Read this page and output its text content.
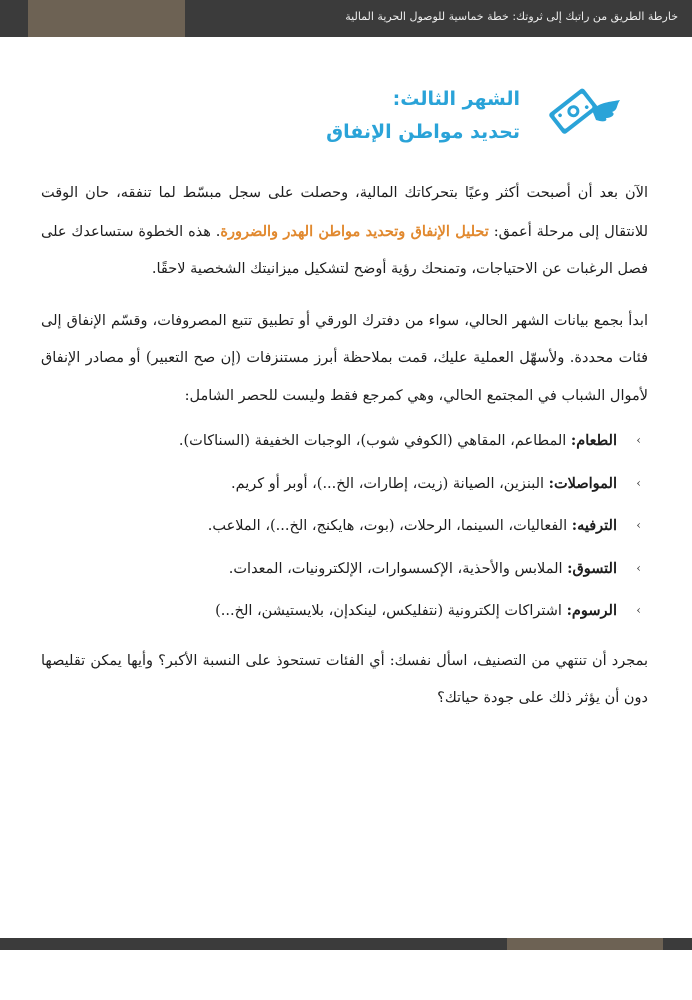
خارطة الطريق من راتبك إلى ثروتك: خطة خماسية للوصول الحرية المالية
الشهر الثالث:
تحديد مواطن الإنفاق

الآن بعد أن أصبحت أكثر وعيًا بتحركاتك المالية، وحصلت على سجل مبسّط لما تنفقه، حان الوقت للانتقال إلى مرحلة أعمق: تحليل الإنفاق وتحديد مواطن الهدر والضرورة. هذه الخطوة ستساعدك على فصل الرغبات عن الاحتياجات، وتمنحك رؤية أوضح لتشكيل ميزانيتك الشخصية لاحقًا.

ابدأ بجمع بيانات الشهر الحالي، سواء من دفترك الورقي أو تطبيق تتبع المصروفات، وقسّم الإنفاق إلى فئات محددة. ولأسهّل العملية عليك، قمت بملاحظة أبرز مستنزفات (إن صح التعبير) أو مصادر الإنفاق لأموال الشباب في المجتمع الحالي، وهي كمرجع فقط وليست للحصر الشامل:

›
الطعام: المطاعم، المقاهي (الكوفي شوب)، الوجبات الخفيفة (السناكات).
›
المواصلات: البنزين، الصيانة (زيت، إطارات، الخ...)، أوبر أو كريم.
›
الترفيه: الفعاليات، السينما، الرحلات، (بوت، هايكنج، الخ...)، الملاعب.
›
التسوق: الملابس والأحذية، الإكسسوارات، الإلكترونيات، المعدات.
›
الرسوم: اشتراكات إلكترونية (نتفليكس، لينكدإن، بلايستيشن، الخ...)

بمجرد أن تنتهي من التصنيف، اسأل نفسك: أي الفئات تستحوذ على النسبة الأكبر؟ وأيها يمكن تقليصها دون أن يؤثر ذلك على جودة حياتك؟
